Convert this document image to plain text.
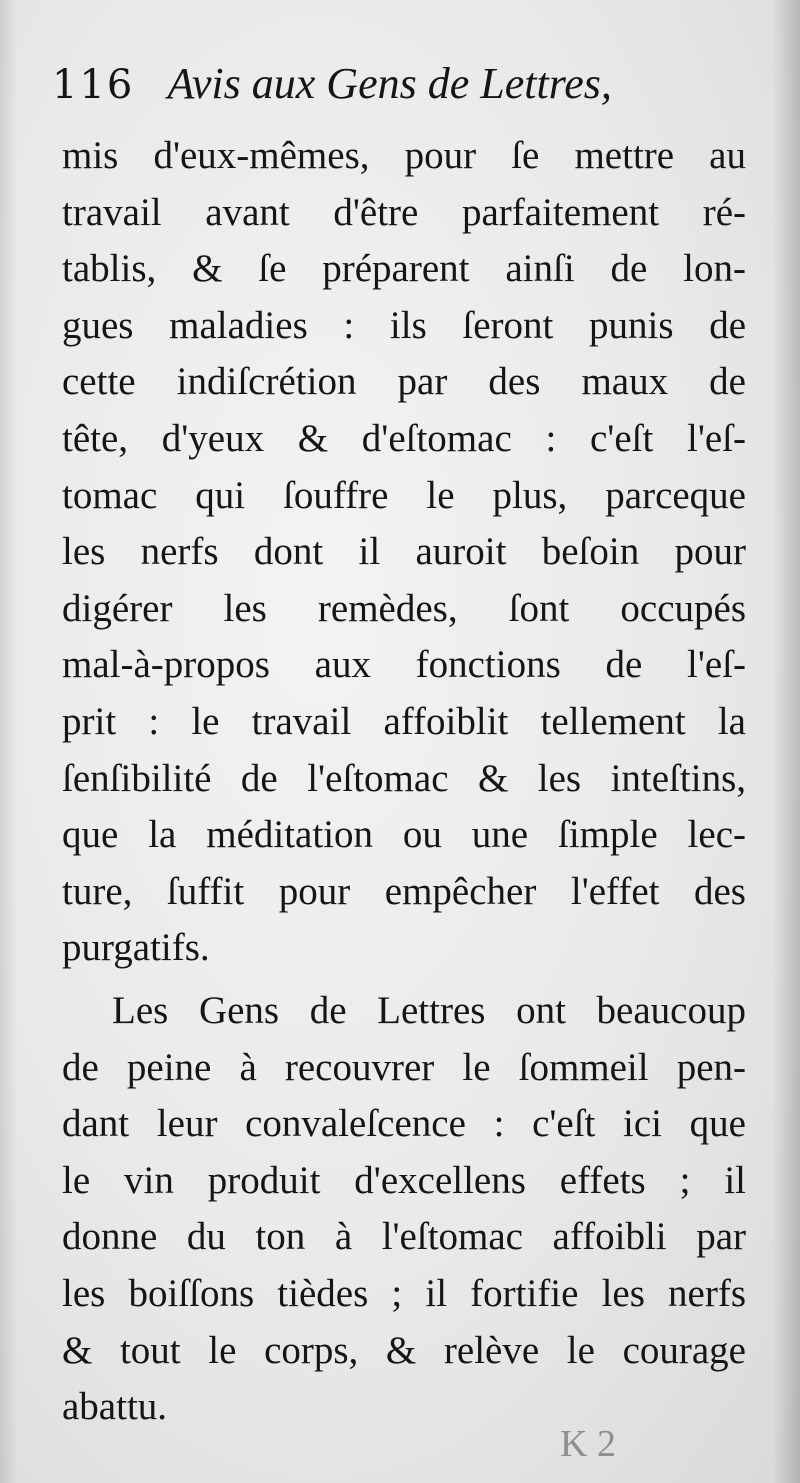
116 Avis aux Gens de Lettres,
mis d'eux-mêmes, pour ſe mettre au
travail avant d'être parfaitement ré-
tablis, & ſe préparent ainſi de lon-
gues maladies : ils ſeront punis de
cette indiſcrétion par des maux de
tête, d'yeux & d'eſtomac : c'eſt l'eſ-
tomac qui ſouffre le plus, parceque
les nerfs dont il auroit beſoin pour
digérer les remèdes, ſont occupés
mal-à-propos aux fonctions de l'eſ-
prit : le travail affoiblit tellement la
ſenſibilité de l'eſtomac & les inteſtins,
que la méditation ou une ſimple lec-
ture, ſuffit pour empêcher l'effet des
purgatifs.
Les Gens de Lettres ont beaucoup
de peine à recouvrer le ſommeil pen-
dant leur convaleſcence : c'eſt ici que
le vin produit d'excellens effets ; il
donne du ton à l'eſtomac affoibli par
les boiſſons tièdes ; il fortifie les nerfs
& tout le corps, & relève le courage
abattu.
K 2
